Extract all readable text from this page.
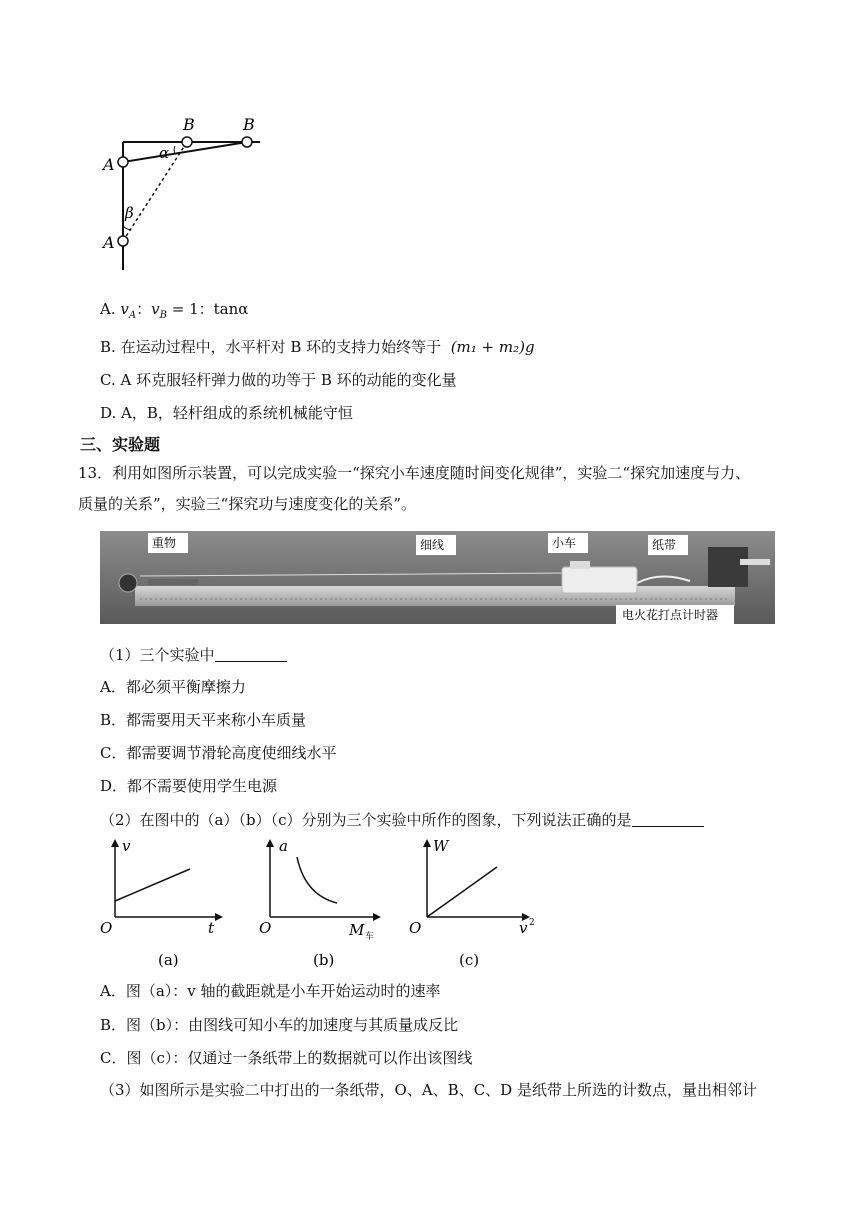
B	B
A
A
α
β
A. $v_A$：$v_B = 1$：tanα
B. 在运动过程中，水平杆对 B 环的支持力始终等于 (m₁ + m₂)g
C. A 环克服轻杆弹力做的功等于 B 环的动能的变化量
D. A，B，轻杆组成的系统机械能守恒
三、实验题
13．利用如图所示装置，可以完成实验一“探究小车速度随时间变化规律”，实验二“探究加速度与力、
质量的关系”，实验三“探究功与速度变化的关系”。
重物	细线	小车	纸带
电火花打点计时器
（1）三个实验中
A．都必须平衡摩擦力
B．都需要用天平来称小车质量
C．都需要调节滑轮高度使细线水平
D．都不需要使用学生电源
（2）在图中的（a）（b）（c）分别为三个实验中所作的图象，下列说法正确的是
v
t
O
(a)
a
M 车
O
(b)
W
v 2
O
(c)
A．图（a）：v 轴的截距就是小车开始运动时的速率
B．图（b）：由图线可知小车的加速度与其质量成反比
C．图（c）：仅通过一条纸带上的数据就可以作出该图线
（3）如图所示是实验二中打出的一条纸带，O、A、B、C、D 是纸带上所选的计数点，量出相邻计
